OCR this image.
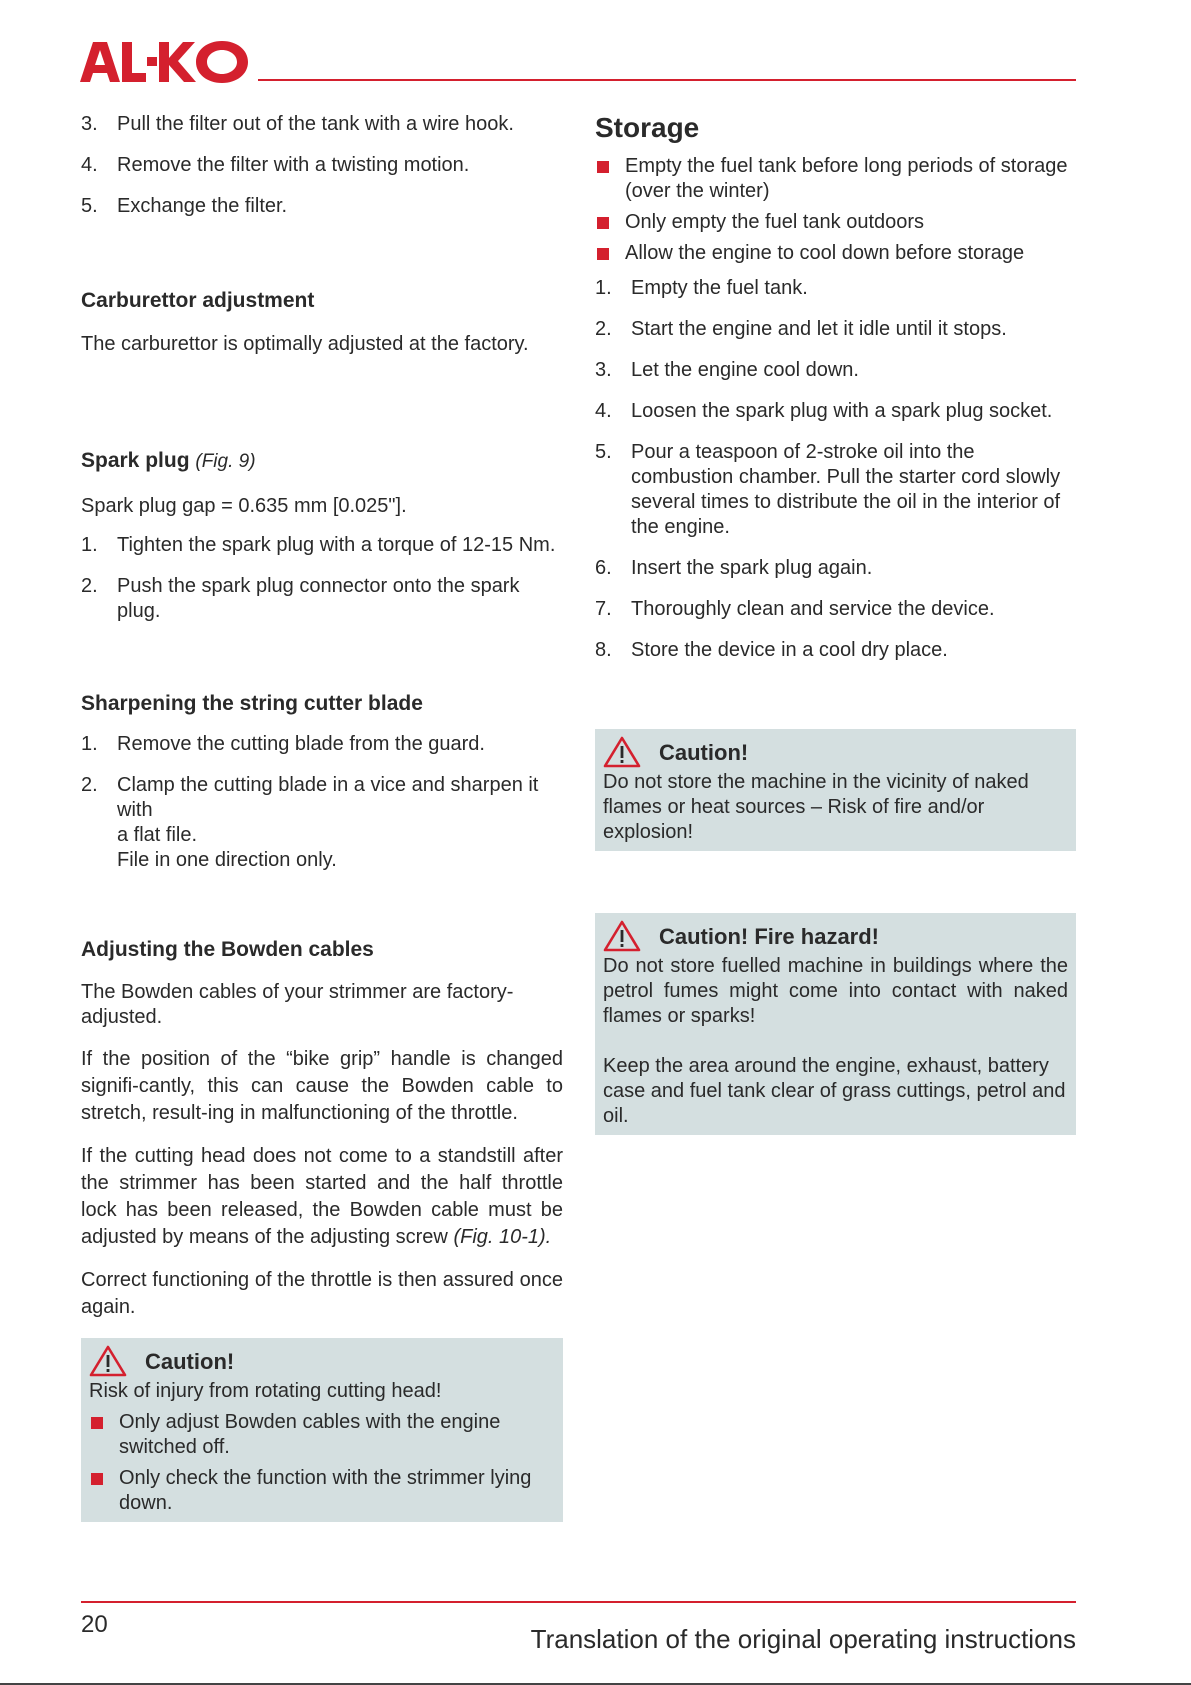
3. Pull the filter out of the tank with a wire hook.
4. Remove the filter with a twisting motion.
5. Exchange the filter.

Carburettor adjustment

The carburettor is optimally adjusted at the factory.

Spark plug (Fig. 9)

Spark plug gap = 0.635 mm [0.025"].

1. Tighten the spark plug with a torque of 12-15 Nm.
2. Push the spark plug connector onto the spark plug.

Sharpening the string cutter blade

1. Remove the cutting blade from the guard.
2. Clamp the cutting blade in a vice and sharpen it with
a flat file.
File in one direction only.

Adjusting the Bowden cables

The Bowden cables of your strimmer are factory-adjusted.

If the position of the “bike grip” handle is changed signifi-cantly, this can cause the Bowden cable to stretch, result-ing in malfunctioning of the throttle.

If the cutting head does not come to a standstill after the strimmer has been started and the half throttle lock has been released, the Bowden cable must be adjusted by means of the adjusting screw (Fig. 10-1).

Correct functioning of the throttle is then assured once again.

Caution!

Risk of injury from rotating cutting head!

Only adjust Bowden cables with the engine switched off.
Only check the function with the strimmer lying down.

Storage

Empty the fuel tank before long periods of storage (over the winter)
Only empty the fuel tank outdoors
Allow the engine to cool down before storage
1. Empty the fuel tank.
2. Start the engine and let it idle until it stops.
3. Let the engine cool down.
4. Loosen the spark plug with a spark plug socket.
5. Pour a teaspoon of 2-stroke oil into the combustion chamber. Pull the starter cord slowly several times to distribute the oil in the interior of the engine.
6. Insert the spark plug again.
7. Thoroughly clean and service the device.
8. Store the device in a cool dry place.
Caution!

Do not store the machine in the vicinity of naked flames or heat sources – Risk of fire and/or explosion!

Caution! Fire hazard!

Do not store fuelled machine in buildings where the petrol fumes might come into contact with naked flames or sparks!

Keep the area around the engine, exhaust, battery case and fuel tank clear of grass cuttings, petrol and oil.

20	Translation of the original operating instructions
